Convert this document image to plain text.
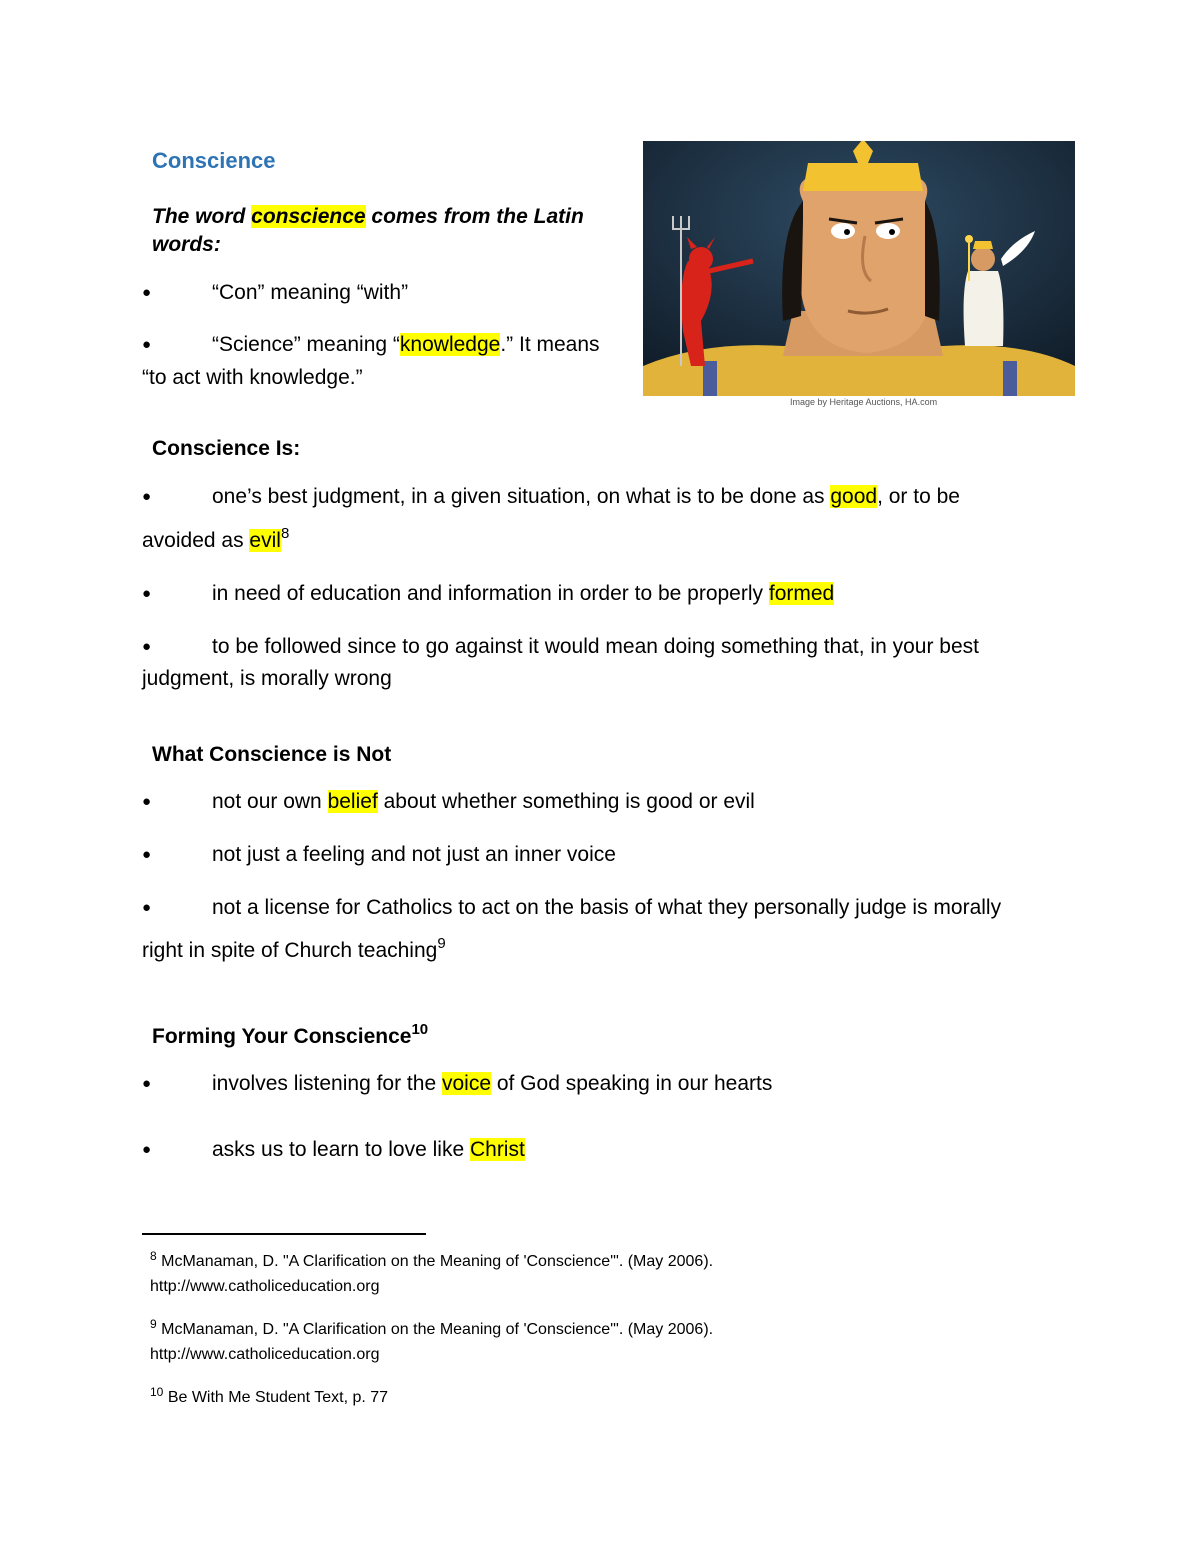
Conscience
The word conscience comes from the Latin
words:
●	“Con” meaning “with”
●	“Science” meaning “knowledge.” It means
“to act with knowledge.”
Image by Heritage Auctions, HA.com
Conscience Is:
●	one’s best judgment, in a given situation, on what is to be done as good, or to be
avoided as evil$^8$
●	in need of education and information in order to be properly formed
●	to be followed since to go against it would mean doing something that, in your best
judgment, is morally wrong
What Conscience is Not
●	not our own belief about whether something is good or evil
●	not just a feeling and not just an inner voice
●	not a license for Catholics to act on the basis of what they personally judge is morally
right in spite of Church teaching$^9$
Forming Your Conscience$^{10}$
●	involves listening for the voice of God speaking in our hearts
●	asks us to learn to love like Christ
$^8$ McManaman, D. "A Clarification on the Meaning of 'Conscience'". (May 2006).
http://www.catholiceducation.org
$^9$ McManaman, D. "A Clarification on the Meaning of 'Conscience'". (May 2006).
http://www.catholiceducation.org
$^{10}$ Be With Me Student Text, p. 77
